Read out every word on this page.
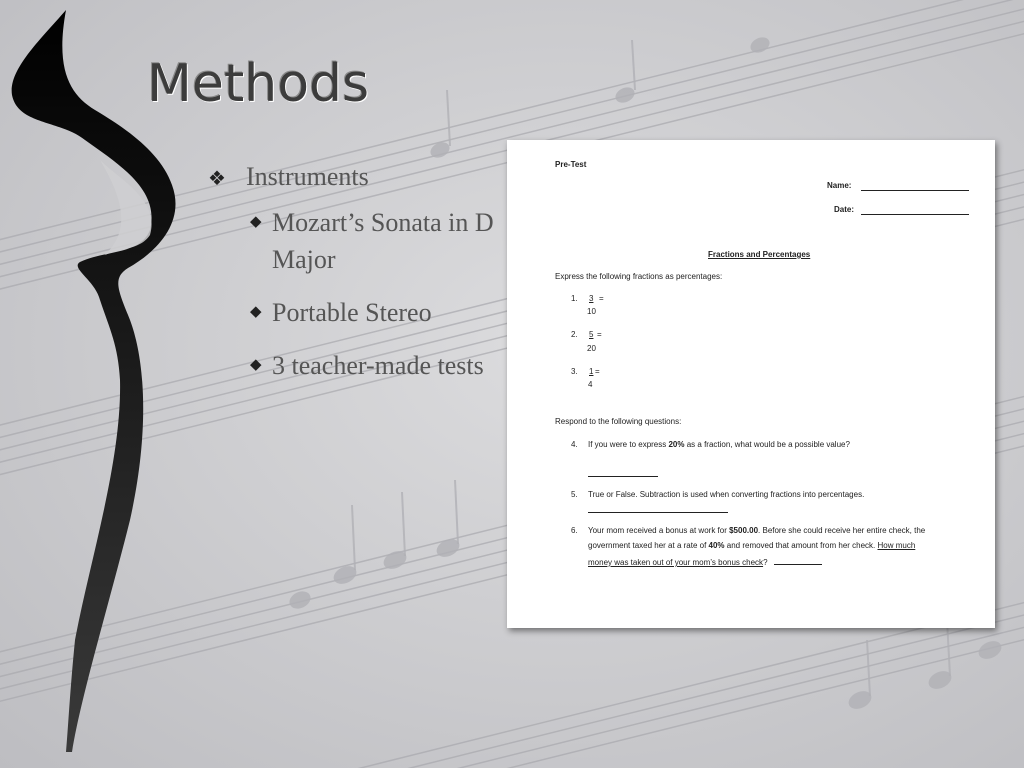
Methods
❖ Instruments
◆ Mozart’s Sonata in D Major
◆ Portable Stereo
◆ 3 teacher-made tests
Pre-Test
Name:
Date:
Fractions and Percentages
Express the following fractions as percentages:
1. 3 =
10
2. 5 =
20
3. 1 =
4
Respond to the following questions:
4. If you were to express 20% as a fraction, what would be a possible value?
5. True or False. Subtraction is used when converting fractions into percentages.
6. Your mom received a bonus at work for $500.00. Before she could receive her entire check, the
government taxed her at a rate of 40% and removed that amount from her check. How much
money was taken out of your mom’s bonus check?
